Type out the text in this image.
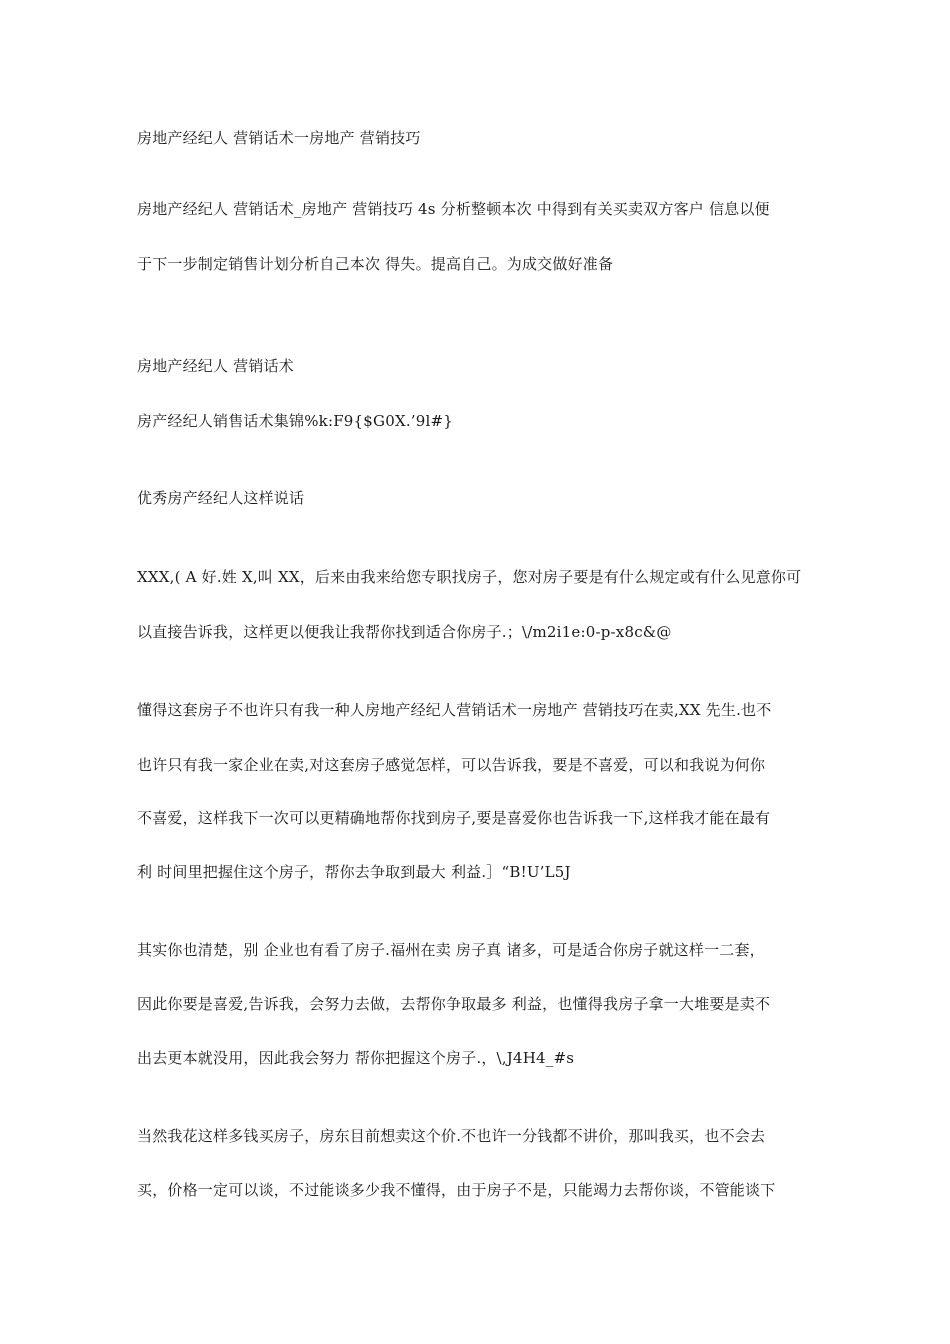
房地产经纪人 营销话术一房地产 营销技巧
房地产经纪人 营销话术_房地产 营销技巧 4s 分析整顿本次 中得到有关买卖双方客户 信息以便
于下一步制定销售计划分析自己本次 得失。提高自己。为成交做好准备
房地产经纪人 营销话术
房产经纪人销售话术集锦%k:F9{$G0X.’9l#}
优秀房产经纪人这样说话
XXX,( A 好.姓 X,叫 XX，后来由我来给您专职找房子，您对房子要是有什么规定或有什么见意你可
以直接告诉我，这样更以便我让我帮你找到适合你房子.；\/m2i1e:0-p-x8c&@
懂得这套房子不也许只有我一种人房地产经纪人营销话术一房地产 营销技巧在卖,XX 先生.也不
也许只有我一家企业在卖,对这套房子感觉怎样，可以告诉我，要是不喜爱，可以和我说为何你
不喜爱，这样我下一次可以更精确地帮你找到房子,要是喜爱你也告诉我一下,这样我才能在最有
利 时间里把握住这个房子，帮你去争取到最大 利益.］“B!U’L5J
其实你也清楚，别 企业也有看了房子.福州在卖 房子真 诸多，可是适合你房子就这样一二套，
因此你要是喜爱,告诉我，会努力去做，去帮你争取最多 利益，也懂得我房子拿一大堆要是卖不
出去更本就没用，因此我会努力 帮你把握这个房子.，\,J4H4_#s
当然我花这样多钱买房子，房东目前想卖这个价.不也许一分钱都不讲价，那叫我买，也不会去
买，价格一定可以谈，不过能谈多少我不懂得，由于房子不是，只能竭力去帮你谈，不管能谈下
